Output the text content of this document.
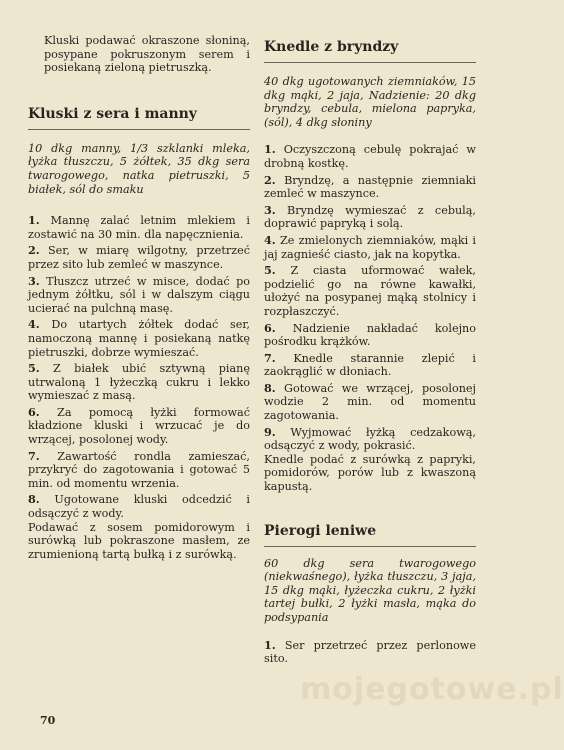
Kluski podawać okraszone słoniną, posypane pokruszonym serem i posiekaną zieloną pietruszką.

Kluski z sera i manny

10 dkg manny, 1/3 szklanki mleka, łyżka tłuszczu, 5 żółtek, 35 dkg sera twarogowego, natka pietruszki, 5 białek, sól do smaku

1. Mannę zalać letnim mlekiem i zostawić na 30 min. dla napęcznienia.

2. Ser, w miarę wilgotny, przetrzeć przez sito lub zemleć w maszynce.

3. Tłuszcz utrzeć w misce, dodać po jednym żółtku, sól i w dalszym ciągu ucierać na pulchną masę.

4. Do utartych żółtek dodać ser, namoczoną mannę i posiekaną natkę pietruszki, dobrze wymieszać.

5. Z białek ubić sztywną pianę utrwaloną 1 łyżeczką cukru i lekko wymieszać z masą.

6. Za pomocą łyżki formować kładzione kluski i wrzucać je do wrzącej, posolonej wody.

7. Zawartość rondla zamieszać, przykryć do zagotowania i gotować 5 min. od momentu wrzenia.

8. Ugotowane kluski odcedzić i odsączyć z wody.

Podawać z sosem pomidorowym i surówką lub pokraszone masłem, ze zrumienioną tartą bułką i z surówką.

Knedle z bryndzy

40 dkg ugotowanych ziemniaków, 15 dkg mąki, 2 jaja, Nadzienie: 20 dkg bryndzy, cebula, mielona papryka, (sól), 4 dkg słoniny

1. Oczyszczoną cebulę pokrajać w drobną kostkę.

2. Bryndzę, a następnie ziemniaki zemleć w maszynce.

3. Bryndzę wymieszać z cebulą, doprawić papryką i solą.

4. Ze zmielonych ziemniaków, mąki i jaj zagnieść ciasto, jak na kopytka.

5. Z ciasta uformować wałek, podzielić go na równe kawałki, ułożyć na posypanej mąką stolnicy i rozpłaszczyć.

6. Nadzienie nakładać kolejno pośrodku krążków.

7. Knedle starannie zlepić i zaokrąglić w dłoniach.

8. Gotować we wrzącej, posolonej wodzie 2 min. od momentu zagotowania.

9. Wyjmować łyżką cedzakową, odsączyć z wody, pokrasić.

Knedle podać z surówką z papryki, pomidorów, porów lub z kwaszoną kapustą.

Pierogi leniwe

60 dkg sera twarogowego (niekwaśnego), łyżka tłuszczu, 3 jaja, 15 dkg mąki, łyżeczka cukru, 2 łyżki tartej bułki, 2 łyżki masła, mąka do podsypania

1. Ser przetrzeć przez perlonowe sito.

mojegotowe.pl
70
